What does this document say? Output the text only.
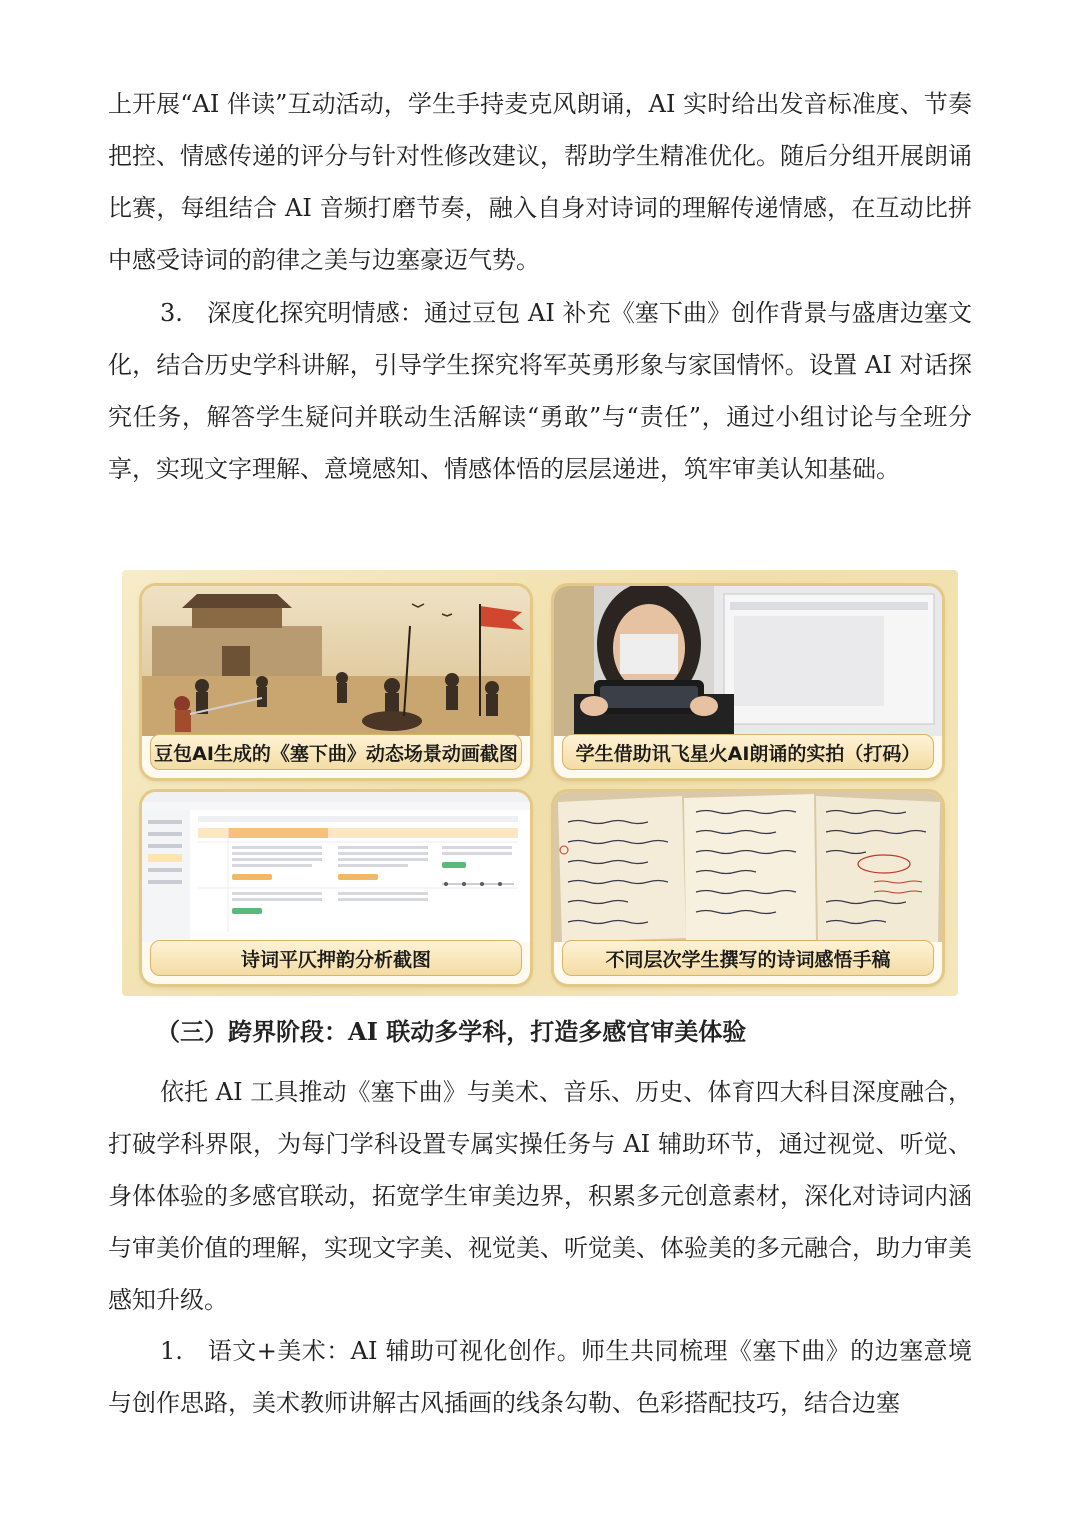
上开展“AI 伴读”互动活动，学生手持麦克风朗诵，AI 实时给出发音标准度、节奏把控、情感传递的评分与针对性修改建议，帮助学生精准优化。随后分组开展朗诵比赛，每组结合 AI 音频打磨节奏，融入自身对诗词的理解传递情感，在互动比拼中感受诗词的韵律之美与边塞豪迈气势。

3.　深度化探究明情感：通过豆包 AI 补充《塞下曲》创作背景与盛唐边塞文化，结合历史学科讲解，引导学生探究将军英勇形象与家国情怀。设置 AI 对话探究任务，解答学生疑问并联动生活解读“勇敢”与“责任”，通过小组讨论与全班分享，实现文字理解、意境感知、情感体悟的层层递进，筑牢审美认知基础。

豆包AI生成的《塞下曲》动态场景动画截图	学生借助讯飞星火AI朗诵的实拍（打码）
诗词平仄押韵分析截图	不同层次学生撰写的诗词感悟手稿

（三）跨界阶段：AI 联动多学科，打造多感官审美体验

依托 AI 工具推动《塞下曲》与美术、音乐、历史、体育四大科目深度融合，打破学科界限，为每门学科设置专属实操任务与 AI 辅助环节，通过视觉、听觉、身体体验的多感官联动，拓宽学生审美边界，积累多元创意素材，深化对诗词内涵与审美价值的理解，实现文字美、视觉美、听觉美、体验美的多元融合，助力审美感知升级。

1.　语文+美术：AI 辅助可视化创作。师生共同梳理《塞下曲》的边塞意境与创作思路，美术教师讲解古风插画的线条勾勒、色彩搭配技巧，结合边塞
